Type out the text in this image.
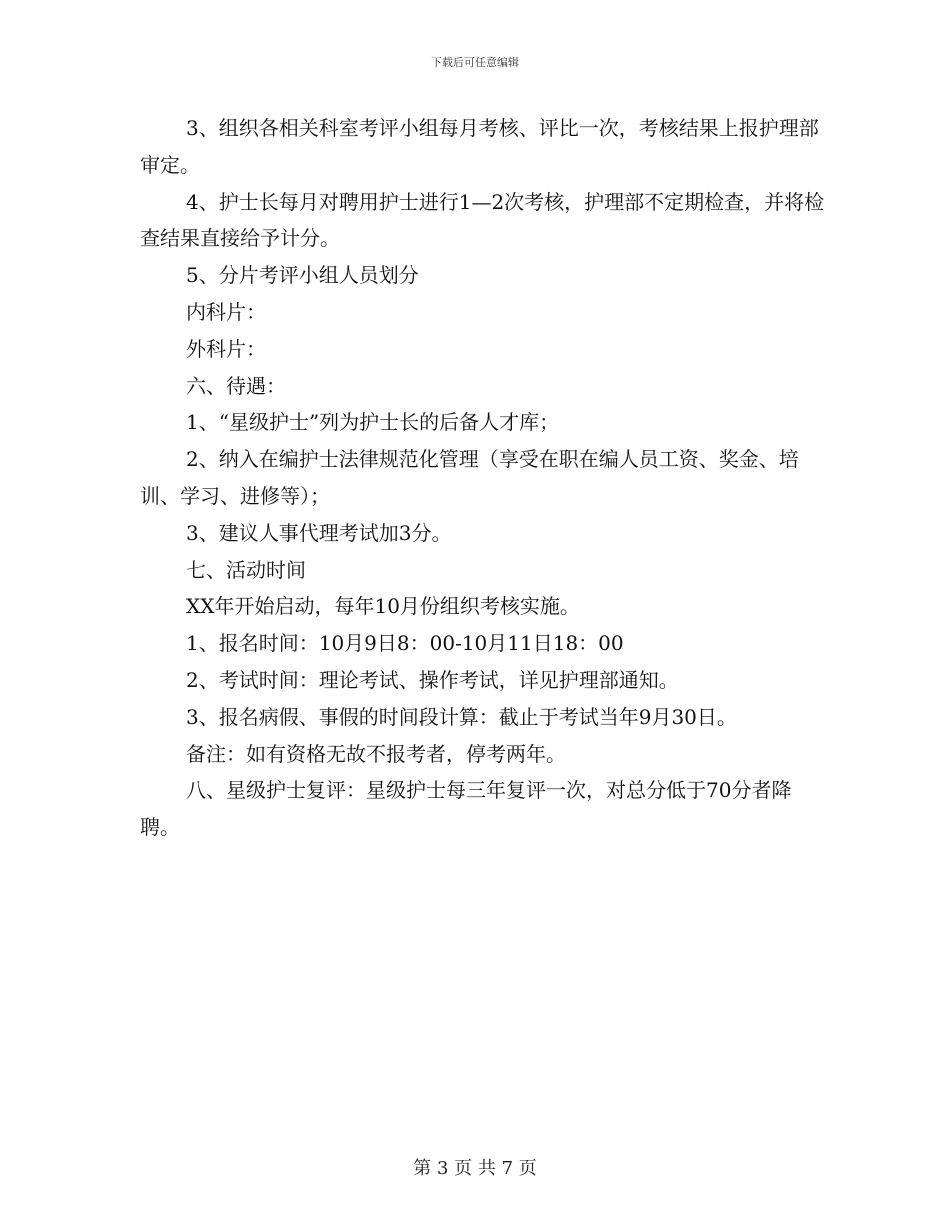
下载后可任意编辑

3、组织各相关科室考评小组每月考核、评比一次，考核结果上报护理部审定。

4、护士长每月对聘用护士进行1—2次考核，护理部不定期检查，并将检查结果直接给予计分。

5、分片考评小组人员划分

内科片：

外科片：

六、待遇：

1、“星级护士”列为护士长的后备人才库；

2、纳入在编护士法律规范化管理（享受在职在编人员工资、奖金、培训、学习、进修等）；

3、建议人事代理考试加3分。

七、活动时间

XX年开始启动，每年10月份组织考核实施。

1、报名时间：10月9日8：00-10月11日18：00

2、考试时间：理论考试、操作考试，详见护理部通知。

3、报名病假、事假的时间段计算：截止于考试当年9月30日。

备注：如有资格无故不报考者，停考两年。

八、星级护士复评：星级护士每三年复评一次，对总分低于70分者降聘。

第 3 页 共 7 页
